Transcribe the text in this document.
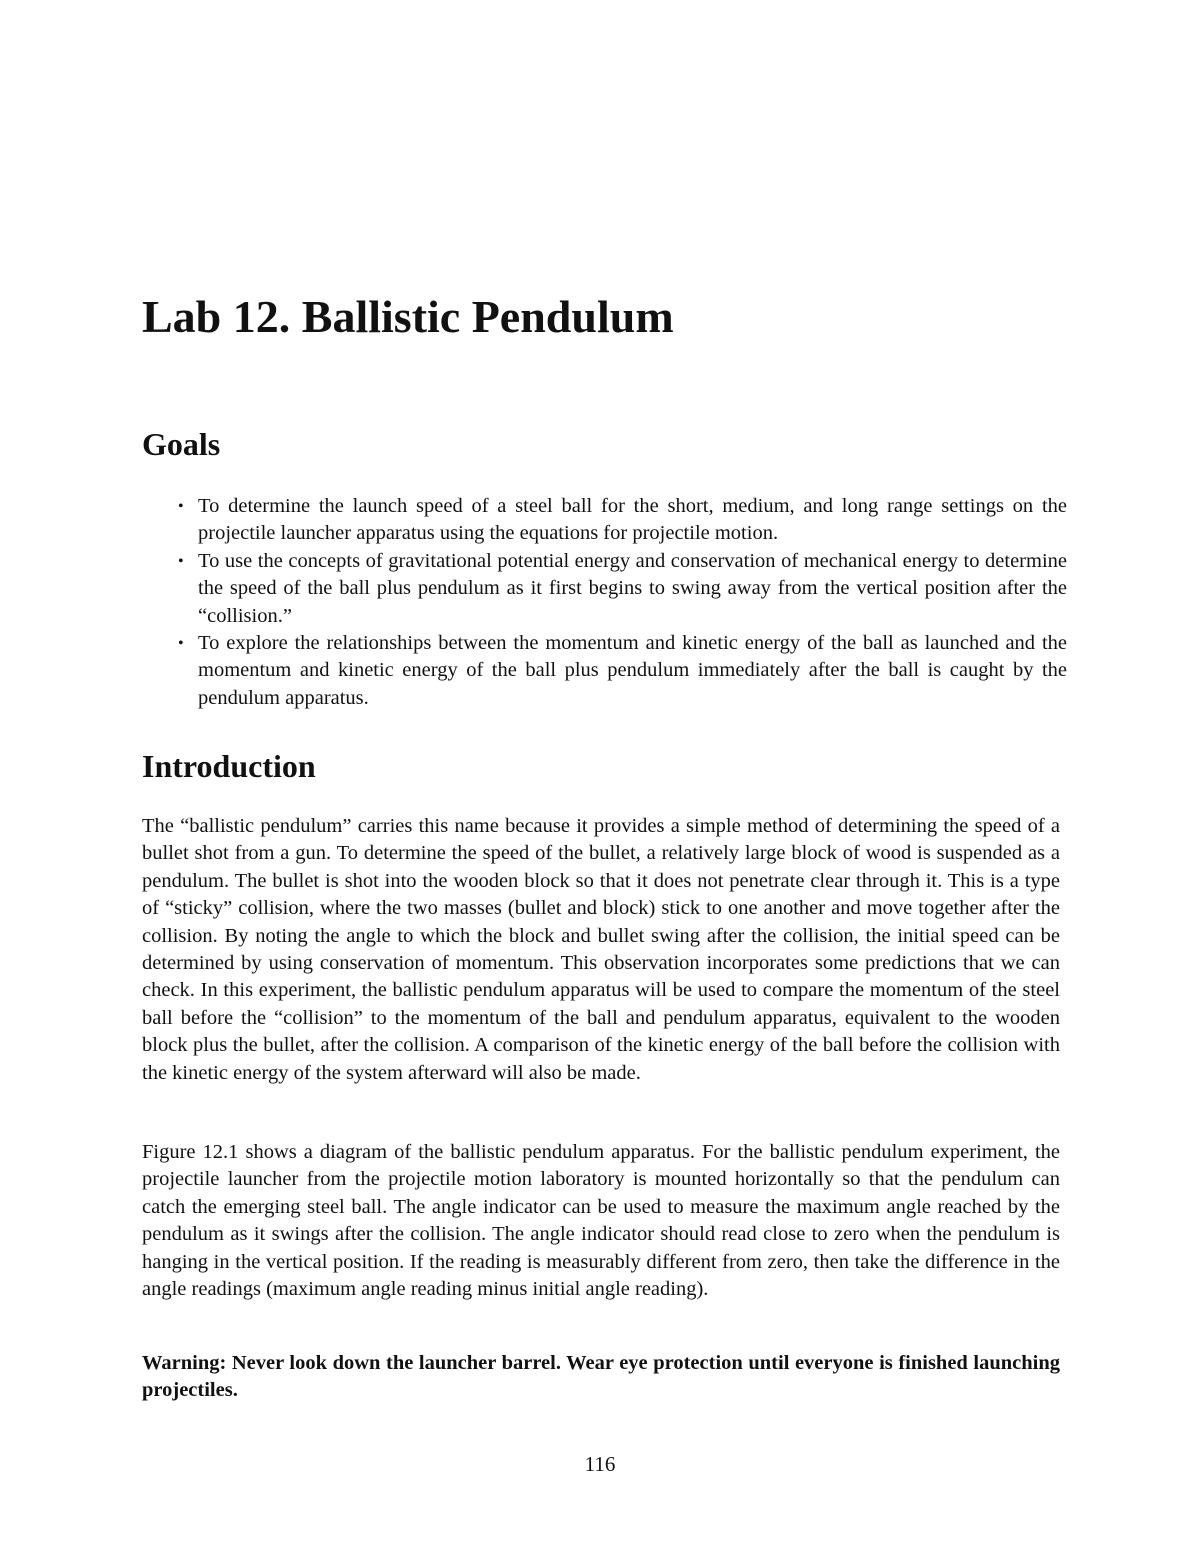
Lab 12. Ballistic Pendulum
Goals
• To determine the launch speed of a steel ball for the short, medium, and long range settings on the projectile launcher apparatus using the equations for projectile motion.
• To use the concepts of gravitational potential energy and conservation of mechanical energy to determine the speed of the ball plus pendulum as it first begins to swing away from the vertical position after the “collision.”
• To explore the relationships between the momentum and kinetic energy of the ball as launched and the momentum and kinetic energy of the ball plus pendulum immediately after the ball is caught by the pendulum apparatus.
Introduction

The “ballistic pendulum” carries this name because it provides a simple method of determining the speed of a bullet shot from a gun. To determine the speed of the bullet, a relatively large block of wood is suspended as a pendulum. The bullet is shot into the wooden block so that it does not penetrate clear through it. This is a type of “sticky” collision, where the two masses (bullet and block) stick to one another and move together after the collision. By noting the angle to which the block and bullet swing after the collision, the initial speed can be determined by using conservation of momentum. This observation incorporates some predictions that we can check. In this experiment, the ballistic pendulum apparatus will be used to compare the momentum of the steel ball before the “collision” to the momentum of the ball and pendulum apparatus, equivalent to the wooden block plus the bullet, after the collision. A comparison of the kinetic energy of the ball before the collision with the kinetic energy of the system afterward will also be made.

Figure 12.1 shows a diagram of the ballistic pendulum apparatus. For the ballistic pendulum experiment, the projectile launcher from the projectile motion laboratory is mounted horizontally so that the pendulum can catch the emerging steel ball. The angle indicator can be used to measure the maximum angle reached by the pendulum as it swings after the collision. The angle indicator should read close to zero when the pendulum is hanging in the vertical position. If the reading is measurably different from zero, then take the difference in the angle readings (maximum angle reading minus initial angle reading).

Warning: Never look down the launcher barrel. Wear eye protection until everyone is finished launching projectiles.

116
